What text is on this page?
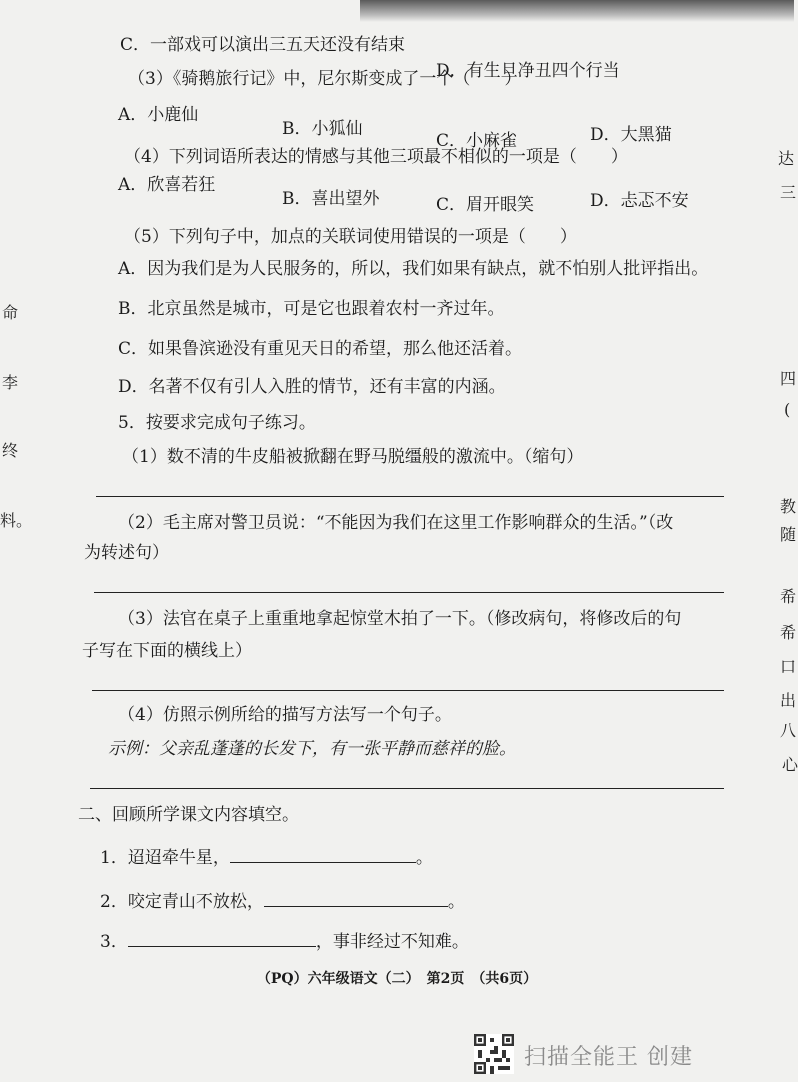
命
李
终
料。
达
三
四
(
教
随
希
希
口
出
八
心
C．一部戏可以演出三五天还没有结束
D．有生旦净丑四个行当
（3）《骑鹅旅行记》中，尼尔斯变成了一个（　　）
A．小鹿仙
B．小狐仙
C．小麻雀	D．大黑猫
（4）下列词语所表达的情感与其他三项最不相似的一项是（　　）
A．欣喜若狂
B．喜出望外	C．眉开眼笑	D．忐忑不安
（5）下列句子中，加点的关联词使用错误的一项是（　　）
A．因为我们是为人民服务的，所以，我们如果有缺点，就不怕别人批评指出。
B．北京虽然是城市，可是它也跟着农村一齐过年。
C．如果鲁滨逊没有重见天日的希望，那么他还活着。
D．名著不仅有引人入胜的情节，还有丰富的内涵。
5．按要求完成句子练习。
（1）数不清的牛皮船被掀翻在野马脱缰般的激流中。（缩句）
（2）毛主席对警卫员说：“不能因为我们在这里工作影响群众的生活。”（改
为转述句）
（3）法官在桌子上重重地拿起惊堂木拍了一下。（修改病句，将修改后的句
子写在下面的横线上）
（4）仿照示例所给的描写方法写一个句子。
示例：父亲乱蓬蓬的长发下，有一张平静而慈祥的脸。
二、回顾所学课文内容填空。
1．迢迢牵牛星，	。
2．咬定青山不放松，	。
3．	，事非经过不知难。
（PQ）六年级语文（二）　第2页　（共6页）
扫描全能王 创建
